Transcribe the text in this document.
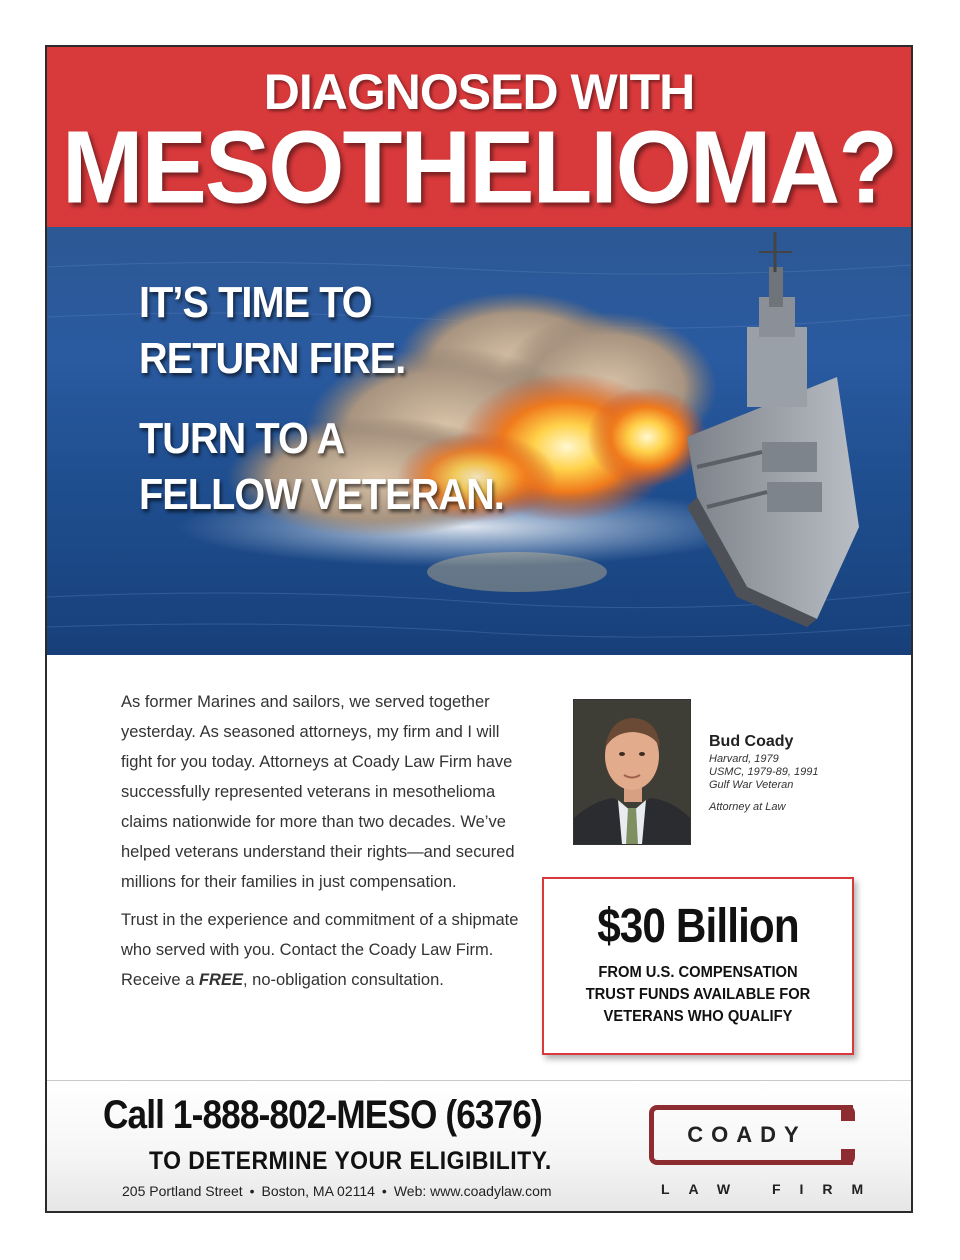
DIAGNOSED WITH
MESOTHELIOMA?
IT’S TIME TO
RETURN FIRE.
TURN TO A
FELLOW VETERAN.

As former Marines and sailors, we served together yesterday. As seasoned attorneys, my firm and I will fight for you today. Attorneys at Coady Law Firm have successfully represented veterans in mesothelioma claims nationwide for more than two decades. We’ve helped veterans understand their rights—and secured millions for their families in just compensation.

Trust in the experience and commitment of a shipmate who served with you. Contact the Coady Law Firm. Receive a FREE, no-obligation consultation.

Bud Coady
Harvard, 1979
USMC, 1979-89, 1991
Gulf War Veteran
Attorney at Law
$30 Billion
FROM U.S. COMPENSATION
TRUST FUNDS AVAILABLE FOR
VETERANS WHO QUALIFY
Call 1-888-802-MESO (6376)
TO DETERMINE YOUR ELIGIBILITY.
205 Portland Street • Boston, MA 02114 • Web: www.coadylaw.com
COADY
LAW FIRM
